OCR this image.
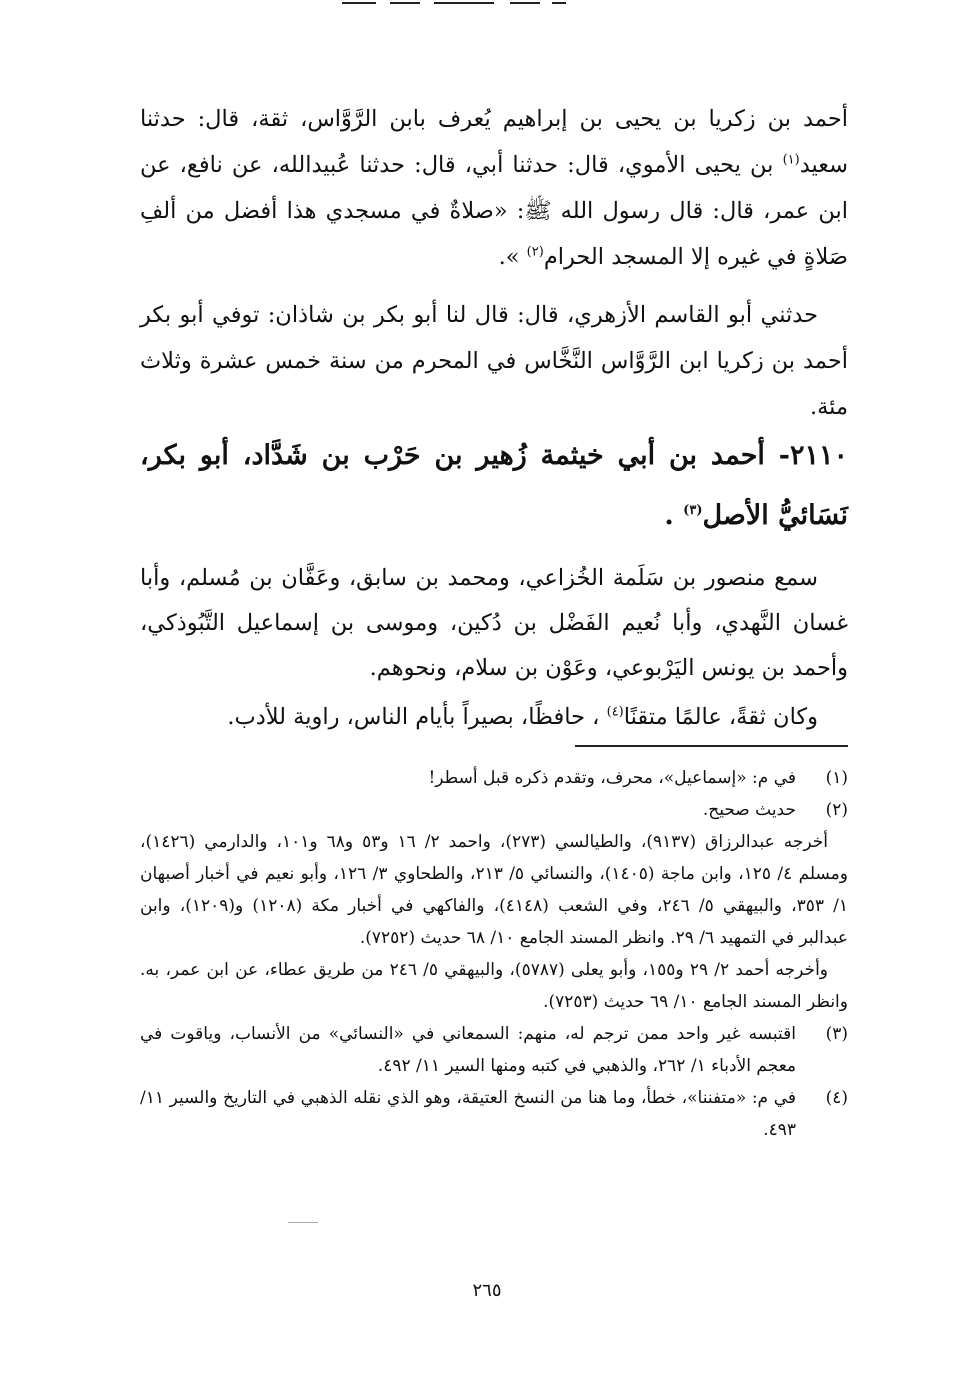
أحمد بن زكريا بن يحيى بن إبراهيم يُعرف بابن الرَّوَّاس، ثقة، قال: حدثنا سعيد$^{(١)}$ بن يحيى الأموي، قال: حدثنا أبي، قال: حدثنا عُبيدالله، عن نافع، عن ابن عمر، قال: قال رسول الله ﷺ: «صلاةٌ في مسجدي هذا أفضل من ألفِ صَلاةٍ في غيره إلا المسجد الحرام$^{(٢)}$ ».

حدثني أبو القاسم الأزهري، قال: قال لنا أبو بكر بن شاذان: توفي أبو بكر أحمد بن زكريا ابن الرَّوَّاس النَّخَّاس في المحرم من سنة خمس عشرة وثلاث مئة.

٢١١٠- أحمد بن أبي خيثمة زُهير بن حَرْب بن شَدَّاد، أبو بكر، نَسَائيُّ الأصل$^{(٣)}$ .

سمع منصور بن سَلَمة الخُزاعي، ومحمد بن سابق، وعَفَّان بن مُسلم، وأبا غسان النَّهدي، وأبا نُعيم الفَضْل بن دُكين، وموسى بن إسماعيل التَّبُوذكي، وأحمد بن يونس اليَرْبوعي، وعَوْن بن سلام، ونحوهم.

وكان ثقةً، عالمًا متقنًا$^{(٤)}$ ، حافظًا، بصيراً بأيام الناس، راوية للأدب.

(١)
في م: «إسماعيل»، محرف، وتقدم ذكره قبل أسطر!

(٢)
حديث صحيح.

أخرجه عبدالرزاق (٩١٣٧)، والطيالسي (٢٧٣)، واحمد ٢/ ١٦ و٥٣ و٦٨ و١٠١، والدارمي (١٤٢٦)، ومسلم ٤/ ١٢٥، وابن ماجة (١٤٠٥)، والنسائي ٥/ ٢١٣، والطحاوي ٣/ ١٢٦، وأبو نعيم في أخبار أصبهان ١/ ٣٥٣، والبيهقي ٥/ ٢٤٦، وفي الشعب (٤١٤٨)، والفاكهي في أخبار مكة (١٢٠٨) و(١٢٠٩)، وابن عبدالبر في التمهيد ٦/ ٢٩. وانظر المسند الجامع ١٠/ ٦٨ حديث (٧٢٥٢).
وأخرجه أحمد ٢/ ٢٩ و١٥٥، وأبو يعلى (٥٧٨٧)، والبيهقي ٥/ ٢٤٦ من طريق عطاء، عن ابن عمر، به. وانظر المسند الجامع ١٠/ ٦٩ حديث (٧٢٥٣).

(٣)
اقتبسه غير واحد ممن ترجم له، منهم: السمعاني في «النسائي» من الأنساب، وياقوت في معجم الأدباء ١/ ٢٦٢، والذهبي في كتبه ومنها السير ١١/ ٤٩٢.

(٤)
في م: «متفننا»، خطأ، وما هنا من النسخ العتيقة، وهو الذي نقله الذهبي في التاريخ والسير ١١/ ٤٩٣.

٢٦٥
